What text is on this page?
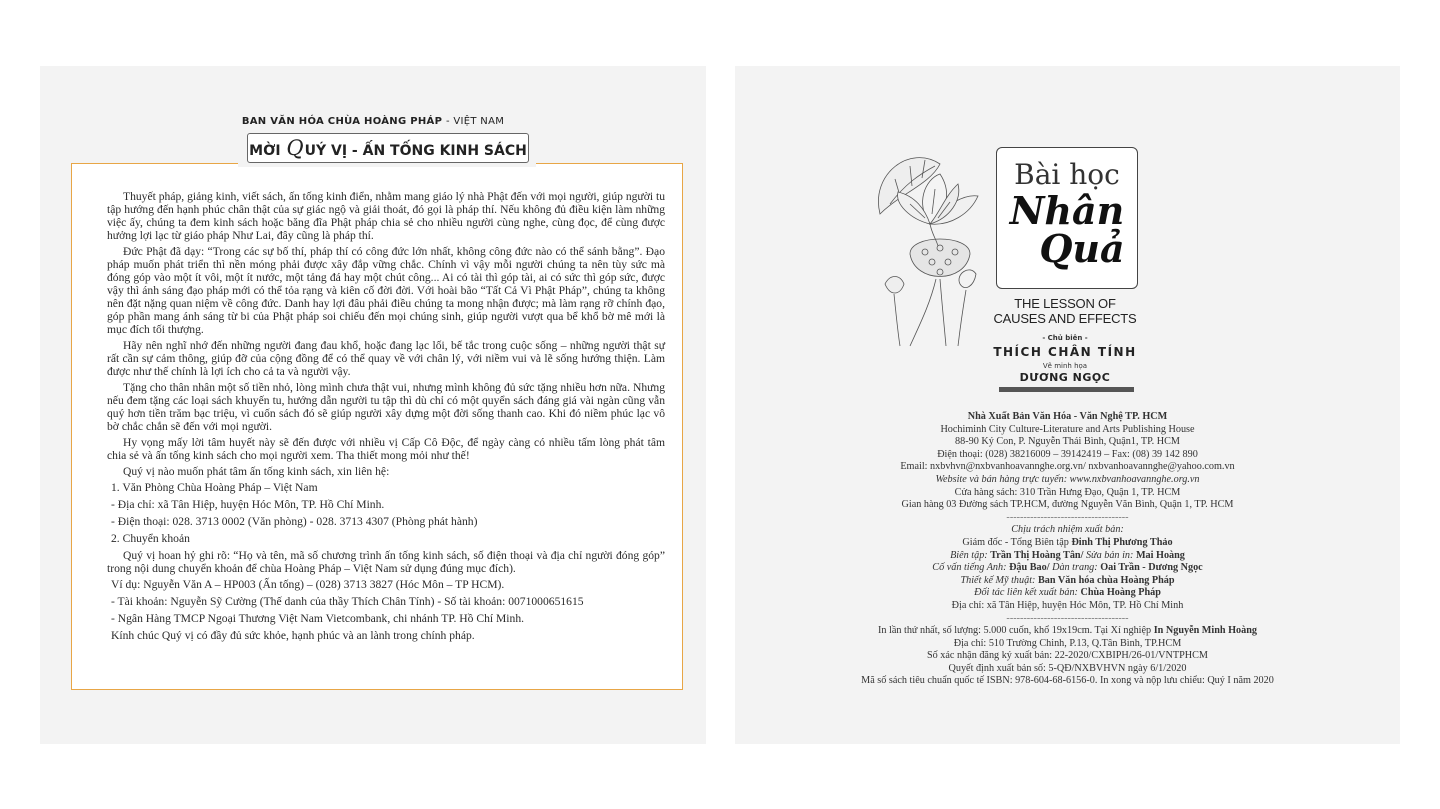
BAN VĂN HÓA CHÙA HOÀNG PHÁP - VIỆT NAM
MỜI QUÝ VỊ - ẤN TỐNG KINH SÁCH

Thuyết pháp, giảng kinh, viết sách, ấn tống kinh điển, nhằm mang giáo lý nhà Phật đến với mọi người, giúp người tu tập hướng đến hạnh phúc chân thật của sự giác ngộ và giải thoát, đó gọi là pháp thí. Nếu không đủ điều kiện làm những việc ấy, chúng ta đem kinh sách hoặc băng đĩa Phật pháp chia sẻ cho nhiều người cùng nghe, cùng đọc, để cùng được hưởng lợi lạc từ giáo pháp Như Lai, đây cũng là pháp thí.

Đức Phật đã dạy: “Trong các sự bố thí, pháp thí có công đức lớn nhất, không công đức nào có thể sánh bằng”. Đạo pháp muốn phát triển thì nền móng phải được xây đắp vững chắc. Chính vì vậy mỗi người chúng ta nên tùy sức mà đóng góp vào một ít vôi, một ít nước, một tảng đá hay một chút công... Ai có tài thì góp tài, ai có sức thì góp sức, được vậy thì ánh sáng đạo pháp mới có thể tỏa rạng và kiên cố đời đời. Với hoài bão “Tất Cả Vì Phật Pháp”, chúng ta không nên đặt nặng quan niệm về công đức. Danh hay lợi đâu phải điều chúng ta mong nhận được; mà làm rạng rỡ chính đạo, góp phần mang ánh sáng từ bi của Phật pháp soi chiếu đến mọi chúng sinh, giúp người vượt qua bể khổ bờ mê mới là mục đích tối thượng.

Hãy nên nghĩ nhớ đến những người đang đau khổ, hoặc đang lạc lối, bế tắc trong cuộc sống – những người thật sự rất cần sự cảm thông, giúp đỡ của cộng đồng để có thể quay về với chân lý, với niềm vui và lẽ sống hướng thiện. Làm được như thế chính là lợi ích cho cả ta và người vậy.

Tặng cho thân nhân một số tiền nhỏ, lòng mình chưa thật vui, nhưng mình không đủ sức tặng nhiều hơn nữa. Nhưng nếu đem tặng các loại sách khuyến tu, hướng dẫn người tu tập thì dù chỉ có một quyển sách đáng giá vài ngàn cũng vẫn quý hơn tiền trăm bạc triệu, vì cuốn sách đó sẽ giúp người xây dựng một đời sống thanh cao. Khi đó niềm phúc lạc vô bờ chắc chắn sẽ đến với mọi người.

Hy vọng mấy lời tâm huyết này sẽ đến được với nhiều vị Cấp Cô Độc, để ngày càng có nhiều tấm lòng phát tâm chia sẻ và ấn tống kinh sách cho mọi người xem. Tha thiết mong mỏi như thế!

Quý vị nào muốn phát tâm ấn tống kinh sách, xin liên hệ:

1. Văn Phòng Chùa Hoàng Pháp – Việt Nam

- Địa chỉ: xã Tân Hiệp, huyện Hóc Môn, TP. Hồ Chí Minh.

- Điện thoại: 028. 3713 0002 (Văn phòng) - 028. 3713 4307 (Phòng phát hành)

2. Chuyển khoản

Quý vị hoan hỷ ghi rõ: “Họ và tên, mã số chương trình ấn tống kinh sách, số điện thoại và địa chỉ người đóng góp” trong nội dung chuyển khoản để chùa Hoàng Pháp – Việt Nam sử dụng đúng mục đích).

Ví dụ: Nguyễn Văn A – HP003 (Ấn tống) – (028) 3713 3827 (Hóc Môn – TP HCM).

- Tài khoản: Nguyễn Sỹ Cường (Thế danh của thầy Thích Chân Tính) - Số tài khoản: 0071000651615

- Ngân Hàng TMCP Ngoại Thương Việt Nam Vietcombank, chi nhánh TP. Hồ Chí Minh.

Kính chúc Quý vị có đầy đủ sức khỏe, hạnh phúc và an lành trong chính pháp.

Bài học
Nhân
Quả
THE LESSON OF
CAUSES AND EFFECTS
- Chủ biên -
THÍCH CHÂN TÍNH
Vẽ minh họa
DƯƠNG NGỌC
Nhà Xuất Bản Văn Hóa - Văn Nghệ TP. HCM
Hochiminh City Culture-Literature and Arts Publishing House
88-90 Ký Con, P. Nguyễn Thái Bình, Quận1, TP. HCM
Điện thoại: (028) 38216009 – 39142419 – Fax: (08) 39 142 890
Email: nxbvhvn@nxbvanhoavannghe.org.vn/ nxbvanhoavannghe@yahoo.com.vn
Website và bán hàng trực tuyến: www.nxbvanhoavannghe.org.vn
Cửa hàng sách: 310 Trần Hưng Đạo, Quận 1, TP. HCM
Gian hàng 03 Đường sách TP.HCM, đường Nguyễn Văn Bình, Quận 1, TP. HCM
------------------------------------
Chịu trách nhiệm xuất bản:
Giám đốc - Tổng Biên tập Đinh Thị Phương Thảo
Biên tập: Trần Thị Hoàng Tân/ Sửa bản in: Mai Hoàng
Cố vấn tiếng Anh: Đậu Bao/ Dàn trang: Oai Trần - Dương Ngọc
Thiết kế Mỹ thuật: Ban Văn hóa chùa Hoàng Pháp
Đối tác liên kết xuất bản: Chùa Hoàng Pháp
Địa chỉ: xã Tân Hiệp, huyện Hóc Môn, TP. Hồ Chí Minh
------------------------------------
In lần thứ nhất, số lượng: 5.000 cuốn, khổ 19x19cm. Tại Xí nghiệp In Nguyễn Minh Hoàng
Địa chỉ: 510 Trường Chinh, P.13, Q.Tân Bình, TP.HCM
Số xác nhận đăng ký xuất bản: 22-2020/CXBIPH/26-01/VNTPHCM
Quyết định xuất bản số: 5-QĐ/NXBVHVN ngày 6/1/2020
Mã số sách tiêu chuẩn quốc tế ISBN: 978-604-68-6156-0. In xong và nộp lưu chiểu: Quý I năm 2020
